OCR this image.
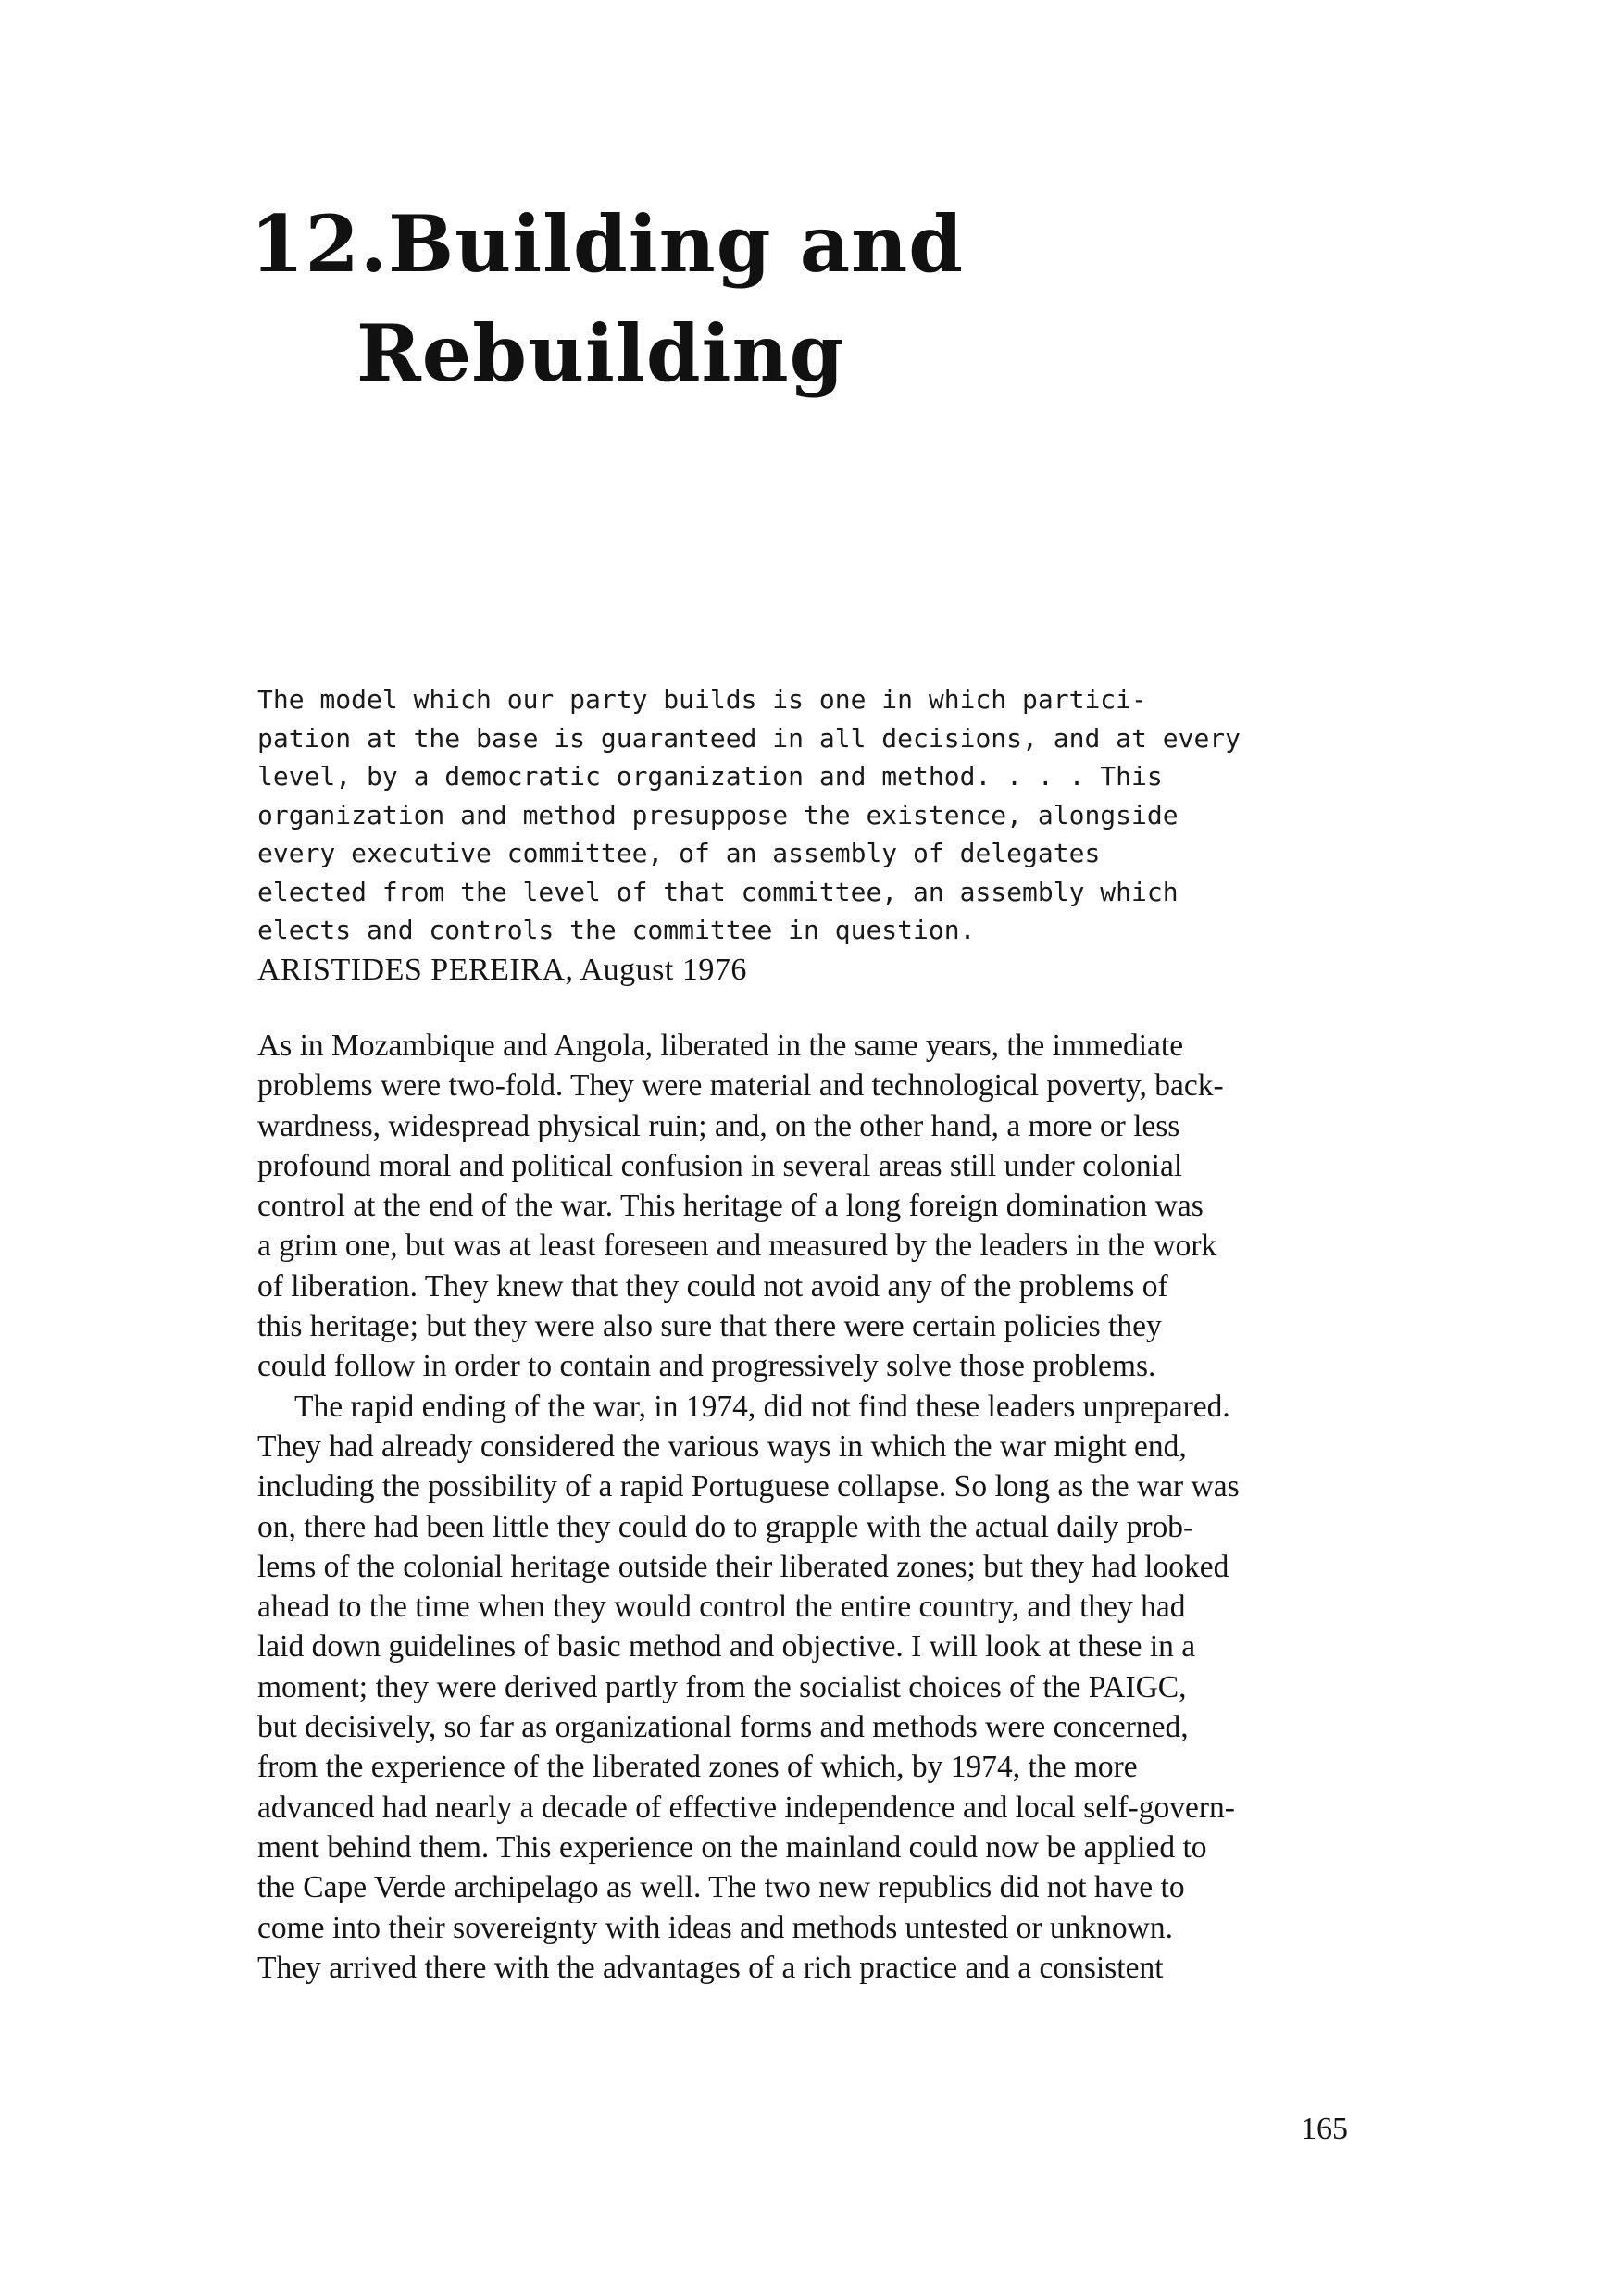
12.Building and
Rebuilding
The model which our party builds is one in which partici-
pation at the base is guaranteed in all decisions, and at every
level, by a democratic organization and method. . . . This
organization and method presuppose the existence, alongside
every executive committee, of an assembly of delegates
elected from the level of that committee, an assembly which
elects and controls the committee in question.
ARISTIDES PEREIRA, August 1976
As in Mozambique and Angola, liberated in the same years, the immediate
problems were two-fold. They were material and technological poverty, back-
wardness, widespread physical ruin; and, on the other hand, a more or less
profound moral and political confusion in several areas still under colonial
control at the end of the war. This heritage of a long foreign domination was
a grim one, but was at least foreseen and measured by the leaders in the work
of liberation. They knew that they could not avoid any of the problems of
this heritage; but they were also sure that there were certain policies they
could follow in order to contain and progressively solve those problems.
The rapid ending of the war, in 1974, did not find these leaders unprepared.
They had already considered the various ways in which the war might end,
including the possibility of a rapid Portuguese collapse. So long as the war was
on, there had been little they could do to grapple with the actual daily prob-
lems of the colonial heritage outside their liberated zones; but they had looked
ahead to the time when they would control the entire country, and they had
laid down guidelines of basic method and objective. I will look at these in a
moment; they were derived partly from the socialist choices of the PAIGC,
but decisively, so far as organizational forms and methods were concerned,
from the experience of the liberated zones of which, by 1974, the more
advanced had nearly a decade of effective independence and local self-govern-
ment behind them. This experience on the mainland could now be applied to
the Cape Verde archipelago as well. The two new republics did not have to
come into their sovereignty with ideas and methods untested or unknown.
They arrived there with the advantages of a rich practice and a consistent
165
